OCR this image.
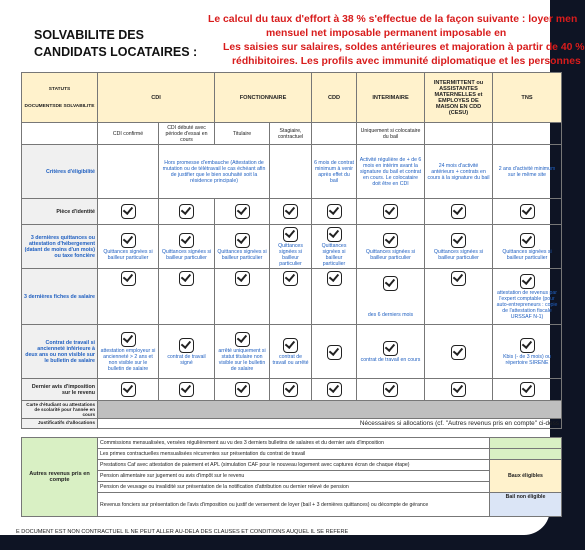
SOLVABILITE DES CANDIDATS LOCATAIRES :
Le calcul du taux d'effort à 38 % s'effectue de la façon suivante : loyer men
mensuel net imposable permanent imposable en
Les saisies sur salaires, soldes antérieures et majoration à partir de 40 %
rédhibitoires. Les profils avec immunité diplomatique et les personnes
STATUTS
DOCUMENTSDE SOLVABILITE	CDI		FONCTIONNAIRE		CDD	INTERIMAIRE	INTERMITTENT ou ASSISTANTES MATERNELLES et EMPLOYES DE MAISON EN CDD (CESU)	TNS
	CDI confirmé	CDI débuté avec période d'essai en cours	Titulaire	Stagiaire, contractuel		Uniquement si colocataire du bail		
Critères d'éligibilité		Hors promesse d'embauche (Attestation de mutation ou de télétravail le cas échéant afin de justifier que le bien souhaité soit la résidence principale)			6 mois de contrat minimum à venir après effet du bail	Activité régulière de + de 6 mois en intérim avant la signature du bail et contrat en cours. Le colocataire doit être en CDI	24 mois d'activité antérieurs + contrats en cours à la signature du bail	2 ans d'activité minimum sur le même site
Pièce d'identité								
3 dernières quittances ou attestation d'hébergement (datant de moins d'un mois) ou taxe foncière	Quittances signées si bailleur particulier	Quittances signées si bailleur particulier	Quittances signées si bailleur particulier	Quittances signées si bailleur particulier	Quittances signées si bailleur particulier	Quittances signées si bailleur particulier	Quittances signées si bailleur particulier	Quittances signées si bailleur particulier

3 dernières fiches de salaire						des 6 derniers mois		attestation de revenus par l'expert comptable (pour auto-entrepreneurs : copie de l'attestation fiscale URSSAF N-1)

Contrat de travail si ancienneté inférieure à deux ans ou non visible sur le bulletin de salaire	attestation employeur si ancienneté > 2 ans et non visible sur le bulletin de salaire	contrat de travail signé	arrêté uniquement si statut titulaire non visible sur le bulletin de salaire	contrat de travail ou arrêté		contrat de travail en cours		Kbis (- de 3 mois) ou répertoire SIRENE

Dernier avis d'imposition sur le revenu								
Carte d'étudiant ou attestations de scolarité pour l'année en cours								
Justificatifs d'allocations	Nécessaires si allocations (cf. "Autres revenus pris en compte" ci-dess							
Autres revenus pris en compte	Commissions mensualisées, versées régulièrement au vu des 3 derniers bulletins de salaires et du dernier avis d'imposition	
	Les primes contractuelles mensualisées récurrentes sur présentation du contrat de travail	
	Prestations Caf avec attestation de paiement et APL (simulation CAF pour le nouveau logement avec captures écran de chaque étape)	Baux éligibles
	Pension alimentaire sur jugement ou avis d'impôt sur le revenu	
	Pension de veuvage ou invalidité sur présentation de la notification d'attribution ou dernier relevé de pension	
	Revenus fonciers sur présentation de l'avis d'imposition ou justif de versement de loyer (bail + 3 dernières quittances) ou décompte de gérance	Bail non éligible
E DOCUMENT EST NON CONTRACTUEL IL NE PEUT ALLER AU-DELA DES CLAUSES ET CONDITIONS AUQUEL IL SE REFERE
